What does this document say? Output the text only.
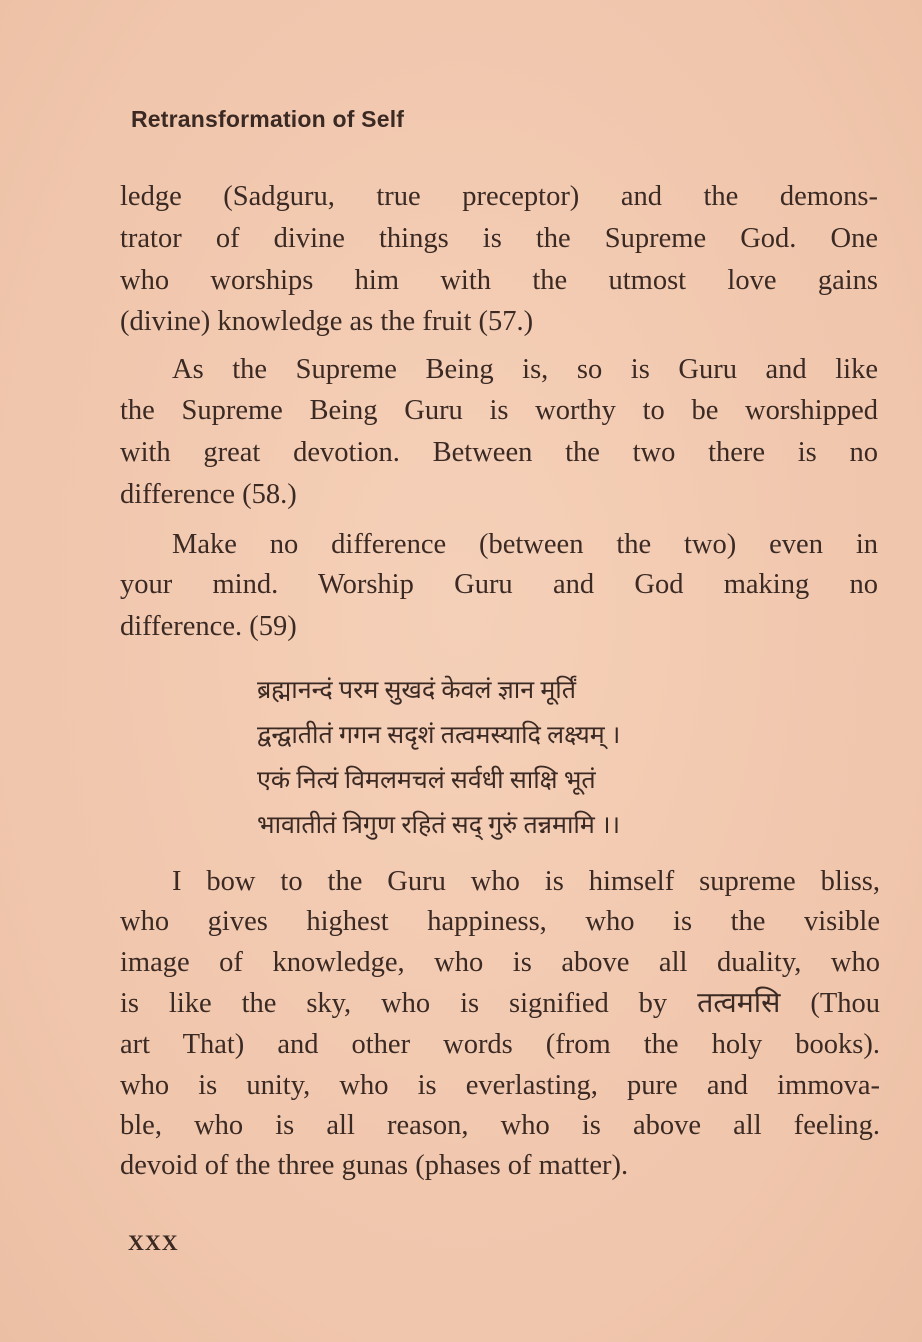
Retransformation of Self
ledge (Sadguru, true preceptor) and the demons-
trator of divine things is the Supreme God. One
who worships him with the utmost love gains
(divine) knowledge as the fruit (57.)
As the Supreme Being is, so is Guru and like
the Supreme Being Guru is worthy to be worshipped
with great devotion. Between the two there is no
difference (58.)
Make no difference (between the two) even in
your mind. Worship Guru and God making no
difference. (59)
ब्रह्मानन्दं परम सुखदं केवलं ज्ञान मूर्तिं
द्वन्द्वातीतं गगन सदृशं तत्वमस्यादि लक्ष्यम् ।
एकं नित्यं विमलमचलं सर्वधी साक्षि भूतं
भावातीतं त्रिगुण रहितं सद् गुरुं तन्नमामि ।।
I bow to the Guru who is himself supreme bliss,
who gives highest happiness, who is the visible
image of knowledge, who is above all duality, who
is like the sky, who is signified by तत्वमसि (Thou
art That) and other words (from the holy books).
who is unity, who is everlasting, pure and immova-
ble, who is all reason, who is above all feeling.
devoid of the three gunas (phases of matter).
XXX
